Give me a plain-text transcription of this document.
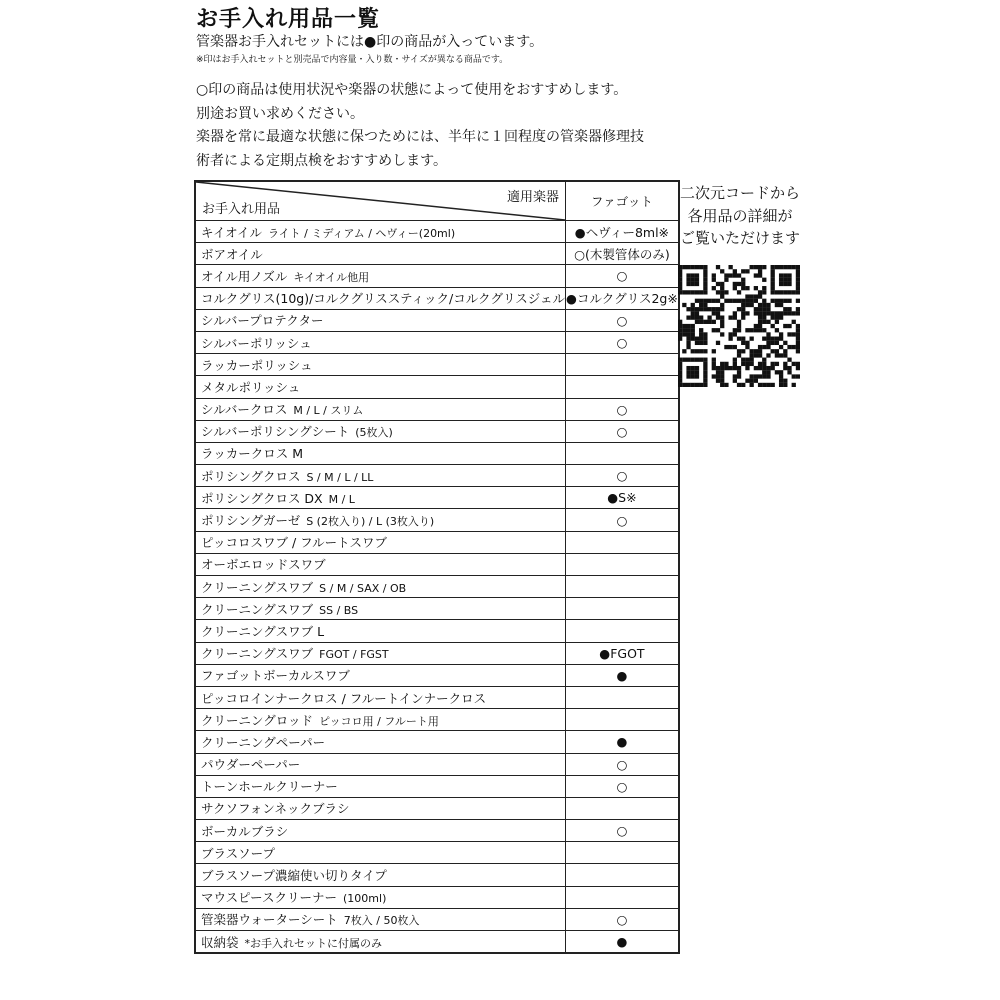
お手入れ用品一覧
管楽器お手入れセットには●印の商品が入っています。
※印はお手入れセットと別売品で内容量・入り数・サイズが異なる商品です。
○印の商品は使用状況や楽器の状態によって使用をおすすめします。
別途お買い求めください。
楽器を常に最適な状態に保つためには、半年に１回程度の管楽器修理技
術者による定期点検をおすすめします。
適用楽器
お手入れ用品	ファゴット
キイオイル ライト / ミディアム / ヘヴィー(20ml)	●ヘヴィー8ml※
ボアオイル	○(木製管体のみ)
オイル用ノズル キイオイル他用	○
コルクグリス(10g)/コルクグリススティック/コルクグリスジェル	●コルクグリス2g※
シルバープロテクター	○
シルバーポリッシュ	○
ラッカーポリッシュ	
メタルポリッシュ	
シルバークロス M / L / スリム	○
シルバーポリシングシート (5枚入)	○
ラッカークロス M	
ポリシングクロス S / M / L / LL	○
ポリシングクロス DX M / L	●S※
ポリシングガーゼ S (2枚入り) / L (3枚入り)	○
ピッコロスワブ / フルートスワブ	
オーボエロッドスワブ	
クリーニングスワブ S / M / SAX / OB	
クリーニングスワブ SS / BS	
クリーニングスワブ L	
クリーニングスワブ FGOT / FGST	●FGOT
ファゴットボーカルスワブ	●
ピッコロインナークロス / フルートインナークロス	
クリーニングロッド ピッコロ用 / フルート用	
クリーニングペーパー	●
パウダーペーパー	○
トーンホールクリーナー	○
サクソフォンネックブラシ	
ボーカルブラシ	○
ブラスソープ	
ブラスソープ濃縮使い切りタイプ	
マウスピースクリーナー (100ml)	
管楽器ウォーターシート 7枚入 / 50枚入	○
収納袋 *お手入れセットに付属のみ	●
二次元コードから
各用品の詳細が
ご覧いただけます
